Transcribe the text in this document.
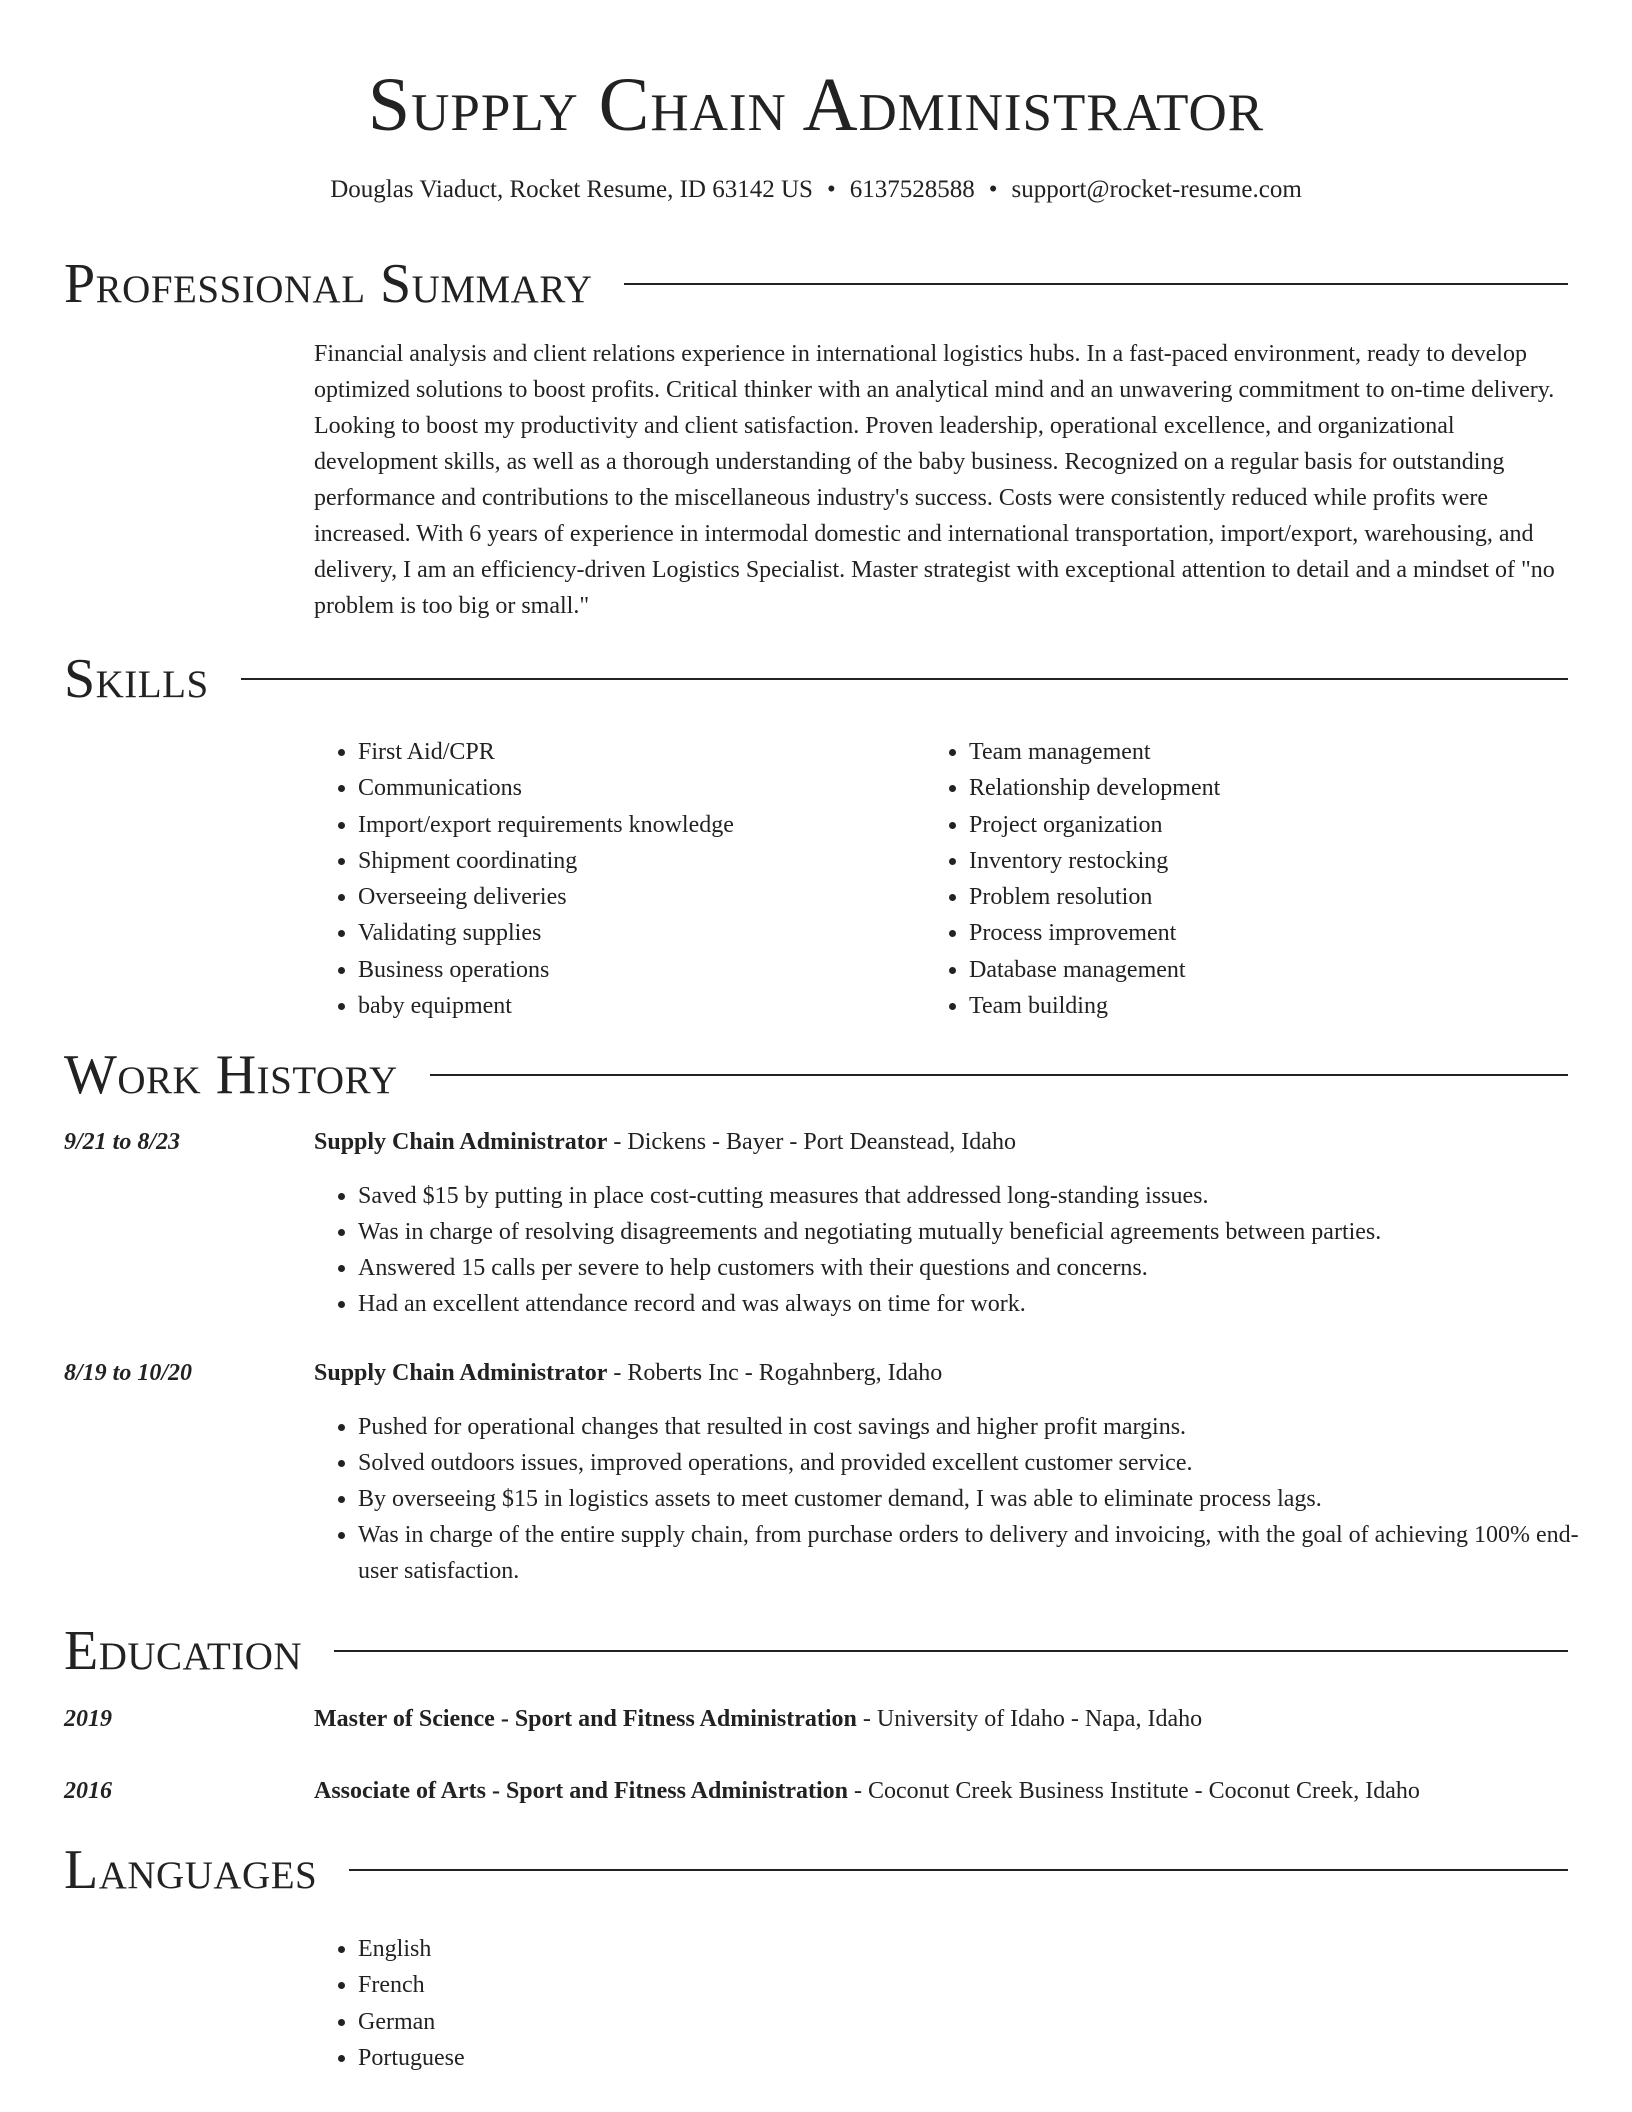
Supply Chain Administrator
Douglas Viaduct, Rocket Resume, ID 63142 US • 6137528588 • support@rocket-resume.com
Professional Summary

Financial analysis and client relations experience in international logistics hubs. In a fast-paced environment, ready to develop optimized solutions to boost profits. Critical thinker with an analytical mind and an unwavering commitment to on-time delivery. Looking to boost my productivity and client satisfaction. Proven leadership, operational excellence, and organizational development skills, as well as a thorough understanding of the baby business. Recognized on a regular basis for outstanding performance and contributions to the miscellaneous industry's success. Costs were consistently reduced while profits were increased. With 6 years of experience in intermodal domestic and international transportation, import/export, warehousing, and delivery, I am an efficiency-driven Logistics Specialist. Master strategist with exceptional attention to detail and a mindset of "no problem is too big or small."

Skills
• First Aid/CPR
• Communications
• Import/export requirements knowledge
• Shipment coordinating
• Overseeing deliveries
• Validating supplies
• Business operations
• baby equipment
• Team management
• Relationship development
• Project organization
• Inventory restocking
• Problem resolution
• Process improvement
• Database management
• Team building
Work History
9/21 to 8/23	Supply Chain Administrator - Dickens - Bayer - Port Deanstead, Idaho
• Saved $15 by putting in place cost-cutting measures that addressed long-standing issues.
• Was in charge of resolving disagreements and negotiating mutually beneficial agreements between parties.
• Answered 15 calls per severe to help customers with their questions and concerns.
• Had an excellent attendance record and was always on time for work.
8/19 to 10/20	Supply Chain Administrator - Roberts Inc - Rogahnberg, Idaho
• Pushed for operational changes that resulted in cost savings and higher profit margins.
• Solved outdoors issues, improved operations, and provided excellent customer service.
• By overseeing $15 in logistics assets to meet customer demand, I was able to eliminate process lags.
• Was in charge of the entire supply chain, from purchase orders to delivery and invoicing, with the goal of achieving 100% end-user satisfaction.
Education
2019	Master of Science - Sport and Fitness Administration - University of Idaho - Napa, Idaho
2016	Associate of Arts - Sport and Fitness Administration - Coconut Creek Business Institute - Coconut Creek, Idaho
Languages
• English
• French
• German
• Portuguese
